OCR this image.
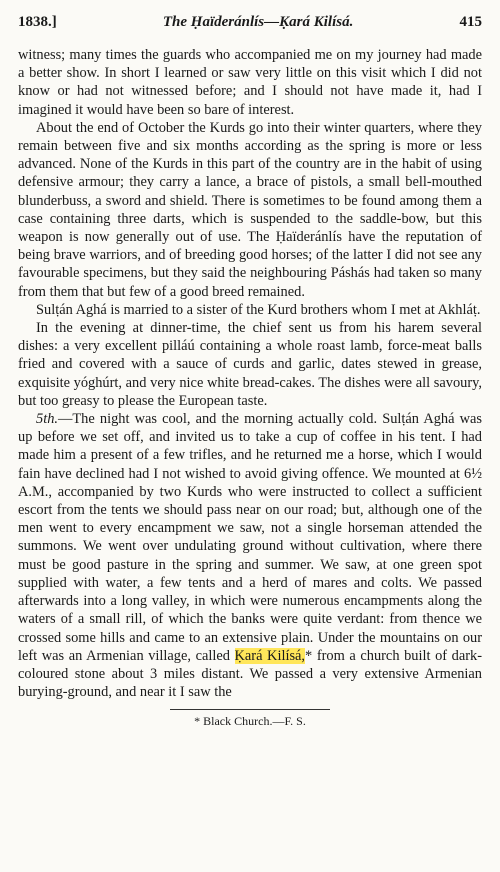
1838.]	The Ḥaïderánlís—Ḳará Kilísá.	415

witness; many times the guards who accompanied me on my journey had made a better show. In short I learned or saw very little on this visit which I did not know or had not witnessed before; and I should not have made it, had I imagined it would have been so bare of interest.

About the end of October the Kurds go into their winter quarters, where they remain between five and six months according as the spring is more or less advanced. None of the Kurds in this part of the country are in the habit of using defensive armour; they carry a lance, a brace of pistols, a small bell-mouthed blunderbuss, a sword and shield. There is sometimes to be found among them a case containing three darts, which is suspended to the saddle-bow, but this weapon is now generally out of use. The Ḥaïderánlís have the reputation of being brave warriors, and of breeding good horses; of the latter I did not see any favourable specimens, but they said the neighbouring Páshás had taken so many from them that but few of a good breed remained.

Sulṭán Aghá is married to a sister of the Kurd brothers whom I met at Akhláṭ.

In the evening at dinner-time, the chief sent us from his harem several dishes: a very excellent pilláú containing a whole roast lamb, force-meat balls fried and covered with a sauce of curds and garlic, dates stewed in grease, exquisite yóghúrt, and very nice white bread-cakes. The dishes were all savoury, but too greasy to please the European taste.

5th.—The night was cool, and the morning actually cold. Sulṭán Aghá was up before we set off, and invited us to take a cup of coffee in his tent. I had made him a present of a few trifles, and he returned me a horse, which I would fain have declined had I not wished to avoid giving offence. We mounted at 6½ A.M., accompanied by two Kurds who were instructed to collect a sufficient escort from the tents we should pass near on our road; but, although one of the men went to every encampment we saw, not a single horseman attended the summons. We went over undulating ground without cultivation, where there must be good pasture in the spring and summer. We saw, at one green spot supplied with water, a few tents and a herd of mares and colts. We passed afterwards into a long valley, in which were numerous encampments along the waters of a small rill, of which the banks were quite verdant: from thence we crossed some hills and came to an extensive plain. Under the mountains on our left was an Armenian village, called Ḳará Kilísá,* from a church built of dark-coloured stone about 3 miles distant. We passed a very extensive Armenian burying-ground, and near it I saw the

* Black Church.—F. S.
